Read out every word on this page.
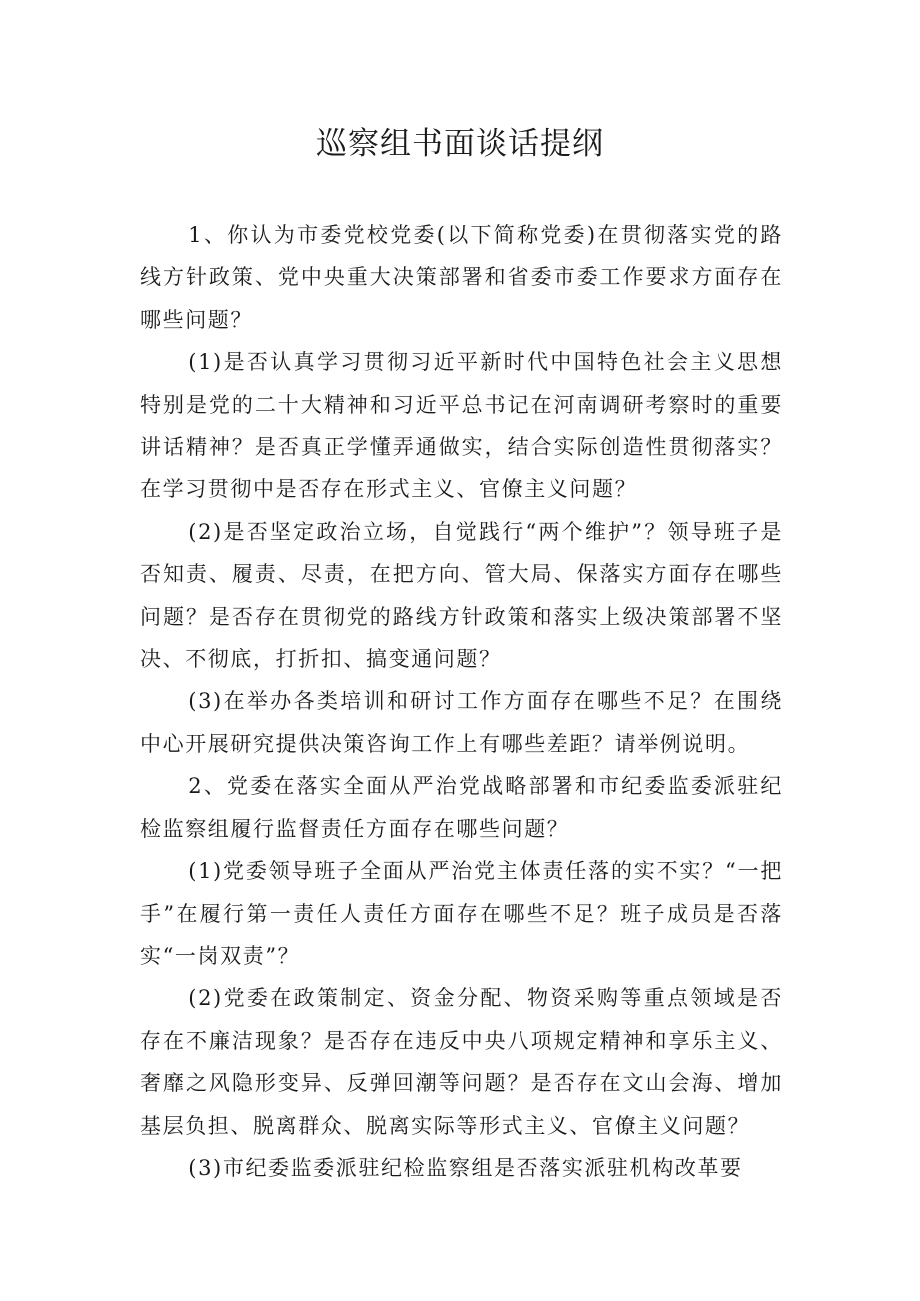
巡察组书面谈话提纲

1、你认为市委党校党委(以下简称党委)在贯彻落实党的路线方针政策、党中央重大决策部署和省委市委工作要求方面存在哪些问题？

(1)是否认真学习贯彻习近平新时代中国特色社会主义思想特别是党的二十大精神和习近平总书记在河南调研考察时的重要讲话精神？是否真正学懂弄通做实，结合实际创造性贯彻落实？在学习贯彻中是否存在形式主义、官僚主义问题？

(2)是否坚定政治立场，自觉践行“两个维护”？领导班子是否知责、履责、尽责，在把方向、管大局、保落实方面存在哪些问题？是否存在贯彻党的路线方针政策和落实上级决策部署不坚决、不彻底，打折扣、搞变通问题？

(3)在举办各类培训和研讨工作方面存在哪些不足？在围绕中心开展研究提供决策咨询工作上有哪些差距？请举例说明。

2、党委在落实全面从严治党战略部署和市纪委监委派驻纪检监察组履行监督责任方面存在哪些问题？

(1)党委领导班子全面从严治党主体责任落的实不实？“一把手”在履行第一责任人责任方面存在哪些不足？班子成员是否落实“一岗双责”？

(2)党委在政策制定、资金分配、物资采购等重点领域是否存在不廉洁现象？是否存在违反中央八项规定精神和享乐主义、奢靡之风隐形变异、反弹回潮等问题？是否存在文山会海、增加基层负担、脱离群众、脱离实际等形式主义、官僚主义问题？

(3)市纪委监委派驻纪检监察组是否落实派驻机构改革要
